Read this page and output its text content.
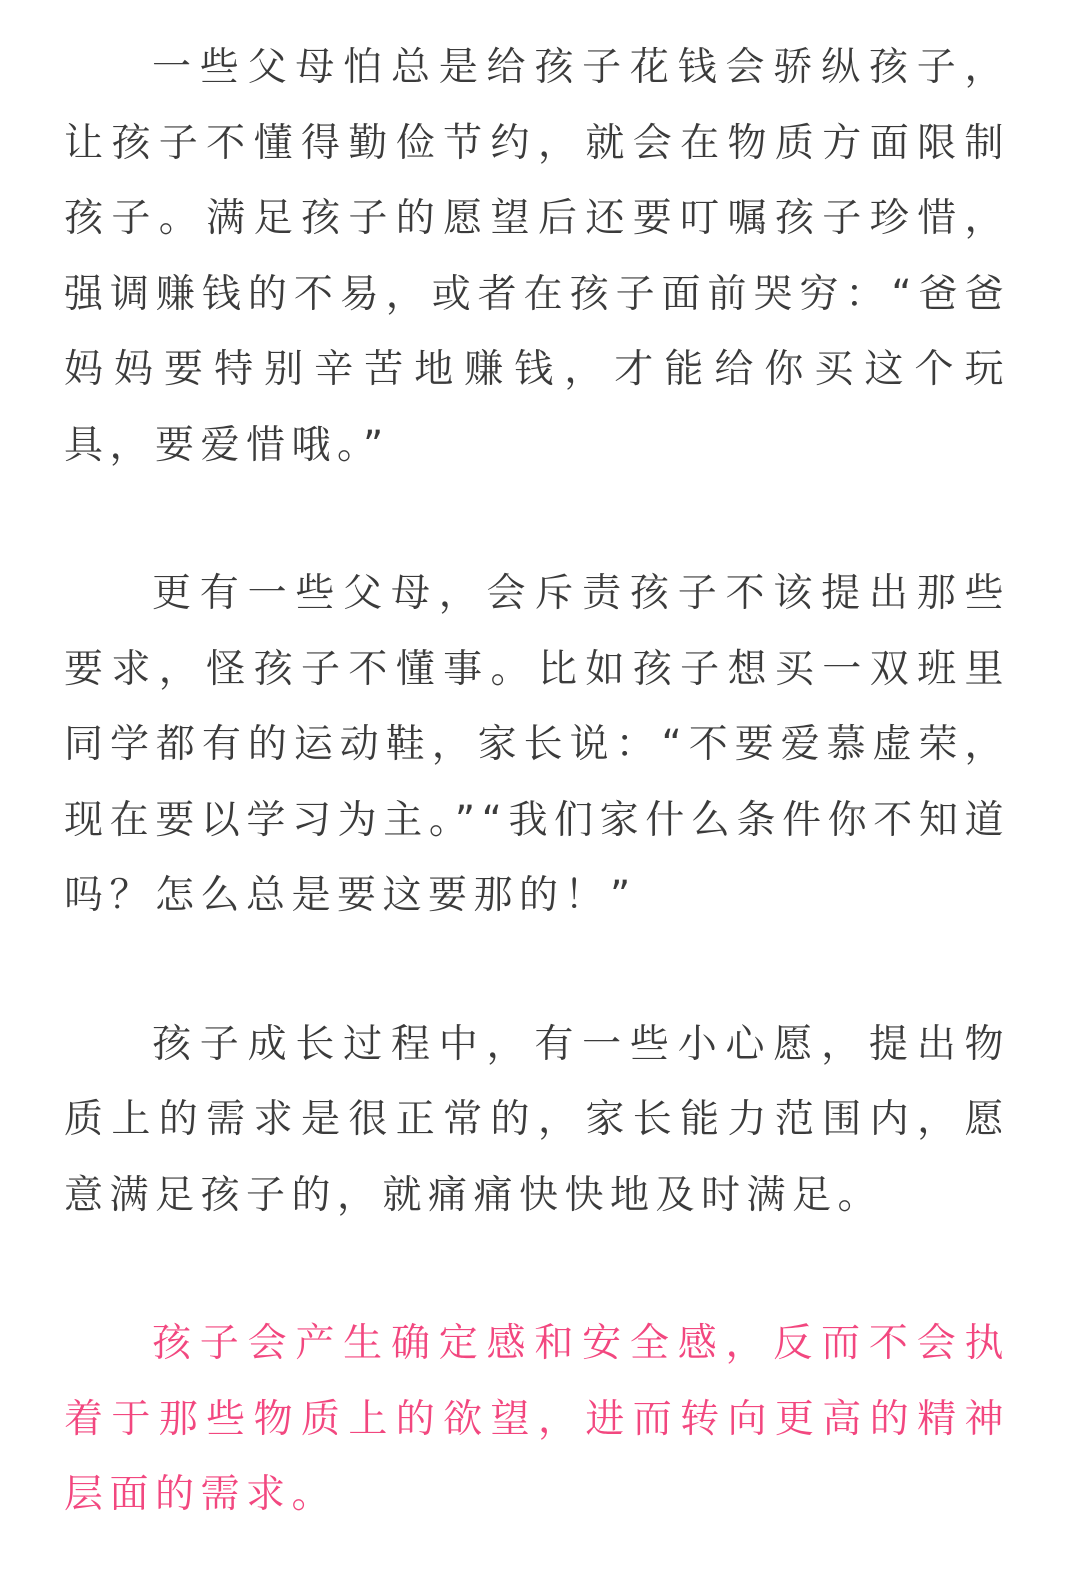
一些父母怕总是给孩子花钱会骄纵孩子，让孩子不懂得勤俭节约，就会在物质方面限制孩子。满足孩子的愿望后还要叮嘱孩子珍惜，强调赚钱的不易，或者在孩子面前哭穷：“爸爸妈妈要特别辛苦地赚钱，才能给你买这个玩具，要爱惜哦。”

更有一些父母，会斥责孩子不该提出那些要求，怪孩子不懂事。比如孩子想买一双班里同学都有的运动鞋，家长说：“不要爱慕虚荣，现在要以学习为主。”“我们家什么条件你不知道吗？怎么总是要这要那的！”

孩子成长过程中，有一些小心愿，提出物质上的需求是很正常的，家长能力范围内，愿意满足孩子的，就痛痛快快地及时满足。

孩子会产生确定感和安全感，反而不会执着于那些物质上的欲望，进而转向更高的精神层面的需求。
